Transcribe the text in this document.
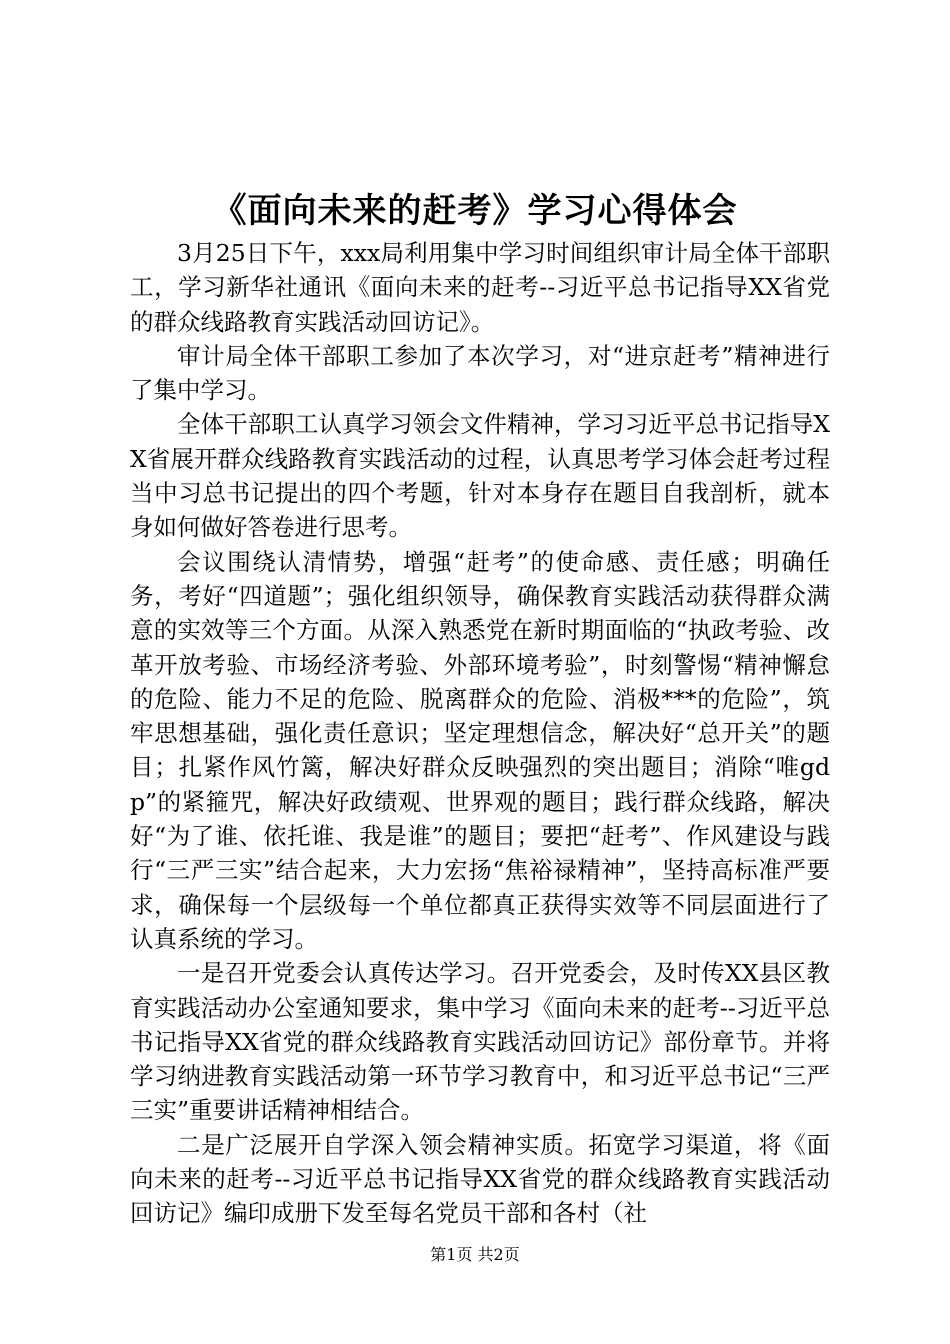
《面向未来的赶考》学习心得体会

3月25日下午，xxx局利用集中学习时间组织审计局全体干部职工，学习新华社通讯《面向未来的赶考--习近平总书记指导XX省党的群众线路教育实践活动回访记》。

审计局全体干部职工参加了本次学习，对“进京赶考”精神进行了集中学习。

全体干部职工认真学习领会文件精神，学习习近平总书记指导XX省展开群众线路教育实践活动的过程，认真思考学习体会赶考过程当中习总书记提出的四个考题，针对本身存在题目自我剖析，就本身如何做好答卷进行思考。

会议围绕认清情势，增强“赶考”的使命感、责任感；明确任务，考好“四道题”；强化组织领导，确保教育实践活动获得群众满意的实效等三个方面。从深入熟悉党在新时期面临的“执政考验、改革开放考验、市场经济考验、外部环境考验”，时刻警惕“精神懈怠的危险、能力不足的危险、脱离群众的危险、消极***的危险”，筑牢思想基础，强化责任意识；坚定理想信念，解决好“总开关”的题目；扎紧作风竹篱，解决好群众反映强烈的突出题目；消除“唯gdp”的紧箍咒，解决好政绩观、世界观的题目；践行群众线路，解决好“为了谁、依托谁、我是谁”的题目；要把“赶考”、作风建设与践行“三严三实”结合起来，大力宏扬“焦裕禄精神”，坚持高标准严要求，确保每一个层级每一个单位都真正获得实效等不同层面进行了认真系统的学习。

一是召开党委会认真传达学习。召开党委会，及时传XX县区教育实践活动办公室通知要求，集中学习《面向未来的赶考--习近平总书记指导XX省党的群众线路教育实践活动回访记》部份章节。并将学习纳进教育实践活动第一环节学习教育中，和习近平总书记“三严三实”重要讲话精神相结合。

二是广泛展开自学深入领会精神实质。拓宽学习渠道，将《面向未来的赶考--习近平总书记指导XX省党的群众线路教育实践活动回访记》编印成册下发至每名党员干部和各村（社

第1页 共2页
